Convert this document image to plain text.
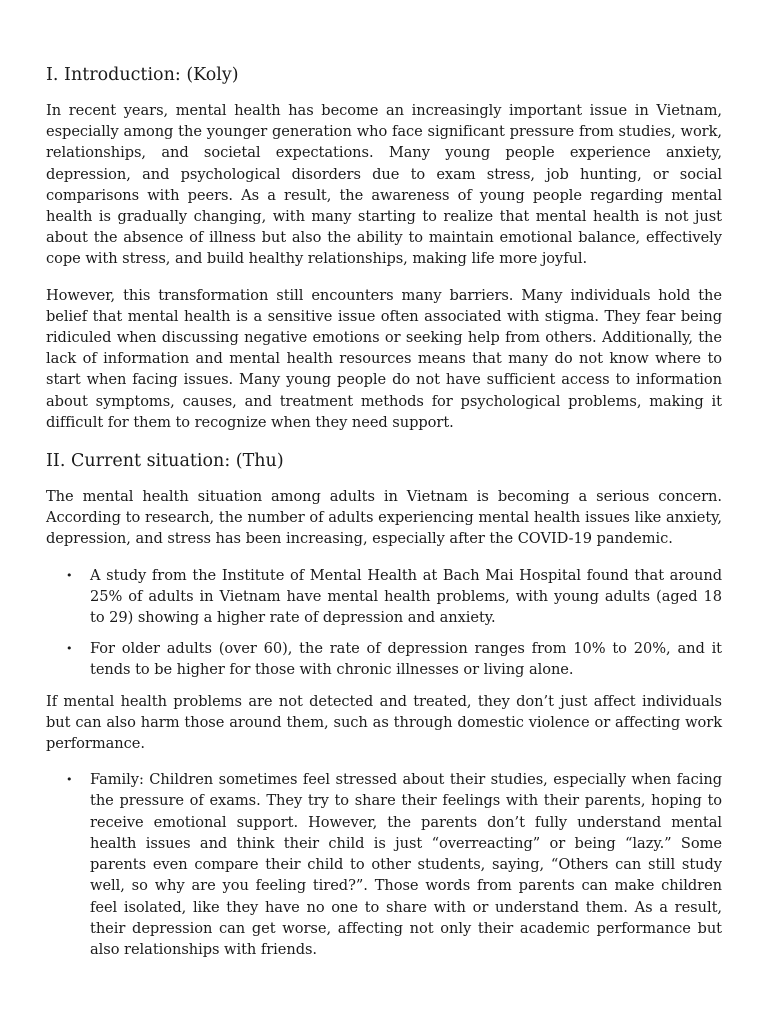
I. Introduction: (Koly)

In recent years, mental health has become an increasingly important issue in Vietnam, especially among the younger generation who face significant pressure from studies, work, relationships, and societal expectations. Many young people experience anxiety, depression, and psychological disorders due to exam stress, job hunting, or social comparisons with peers. As a result, the awareness of young people regarding mental health is gradually changing, with many starting to realize that mental health is not just about the absence of illness but also the ability to maintain emotional balance, effectively cope with stress, and build healthy relationships, making life more joyful.

However, this transformation still encounters many barriers. Many individuals hold the belief that mental health is a sensitive issue often associated with stigma. They fear being ridiculed when discussing negative emotions or seeking help from others. Additionally, the lack of information and mental health resources means that many do not know where to start when facing issues. Many young people do not have sufficient access to information about symptoms, causes, and treatment methods for psychological problems, making it difficult for them to recognize when they need support.

II. Current situation: (Thu)

The mental health situation among adults in Vietnam is becoming a serious concern. According to research, the number of adults experiencing mental health issues like anxiety, depression, and stress has been increasing, especially after the COVID-19 pandemic.

• A study from the Institute of Mental Health at Bach Mai Hospital found that around 25% of adults in Vietnam have mental health problems, with young adults (aged 18 to 29) showing a higher rate of depression and anxiety.
• For older adults (over 60), the rate of depression ranges from 10% to 20%, and it tends to be higher for those with chronic illnesses or living alone.

If mental health problems are not detected and treated, they don’t just affect individuals but can also harm those around them, such as through domestic violence or affecting work performance.

• Family: Children sometimes feel stressed about their studies, especially when facing the pressure of exams. They try to share their feelings with their parents, hoping to receive emotional support. However, the parents don’t fully understand mental health issues and think their child is just “overreacting” or being “lazy.” Some parents even compare their child to other students, saying, “Others can still study well, so why are you feeling tired?”. Those words from parents can make children feel isolated, like they have no one to share with or understand them. As a result, their depression can get worse, affecting not only their academic performance but also relationships with friends.
